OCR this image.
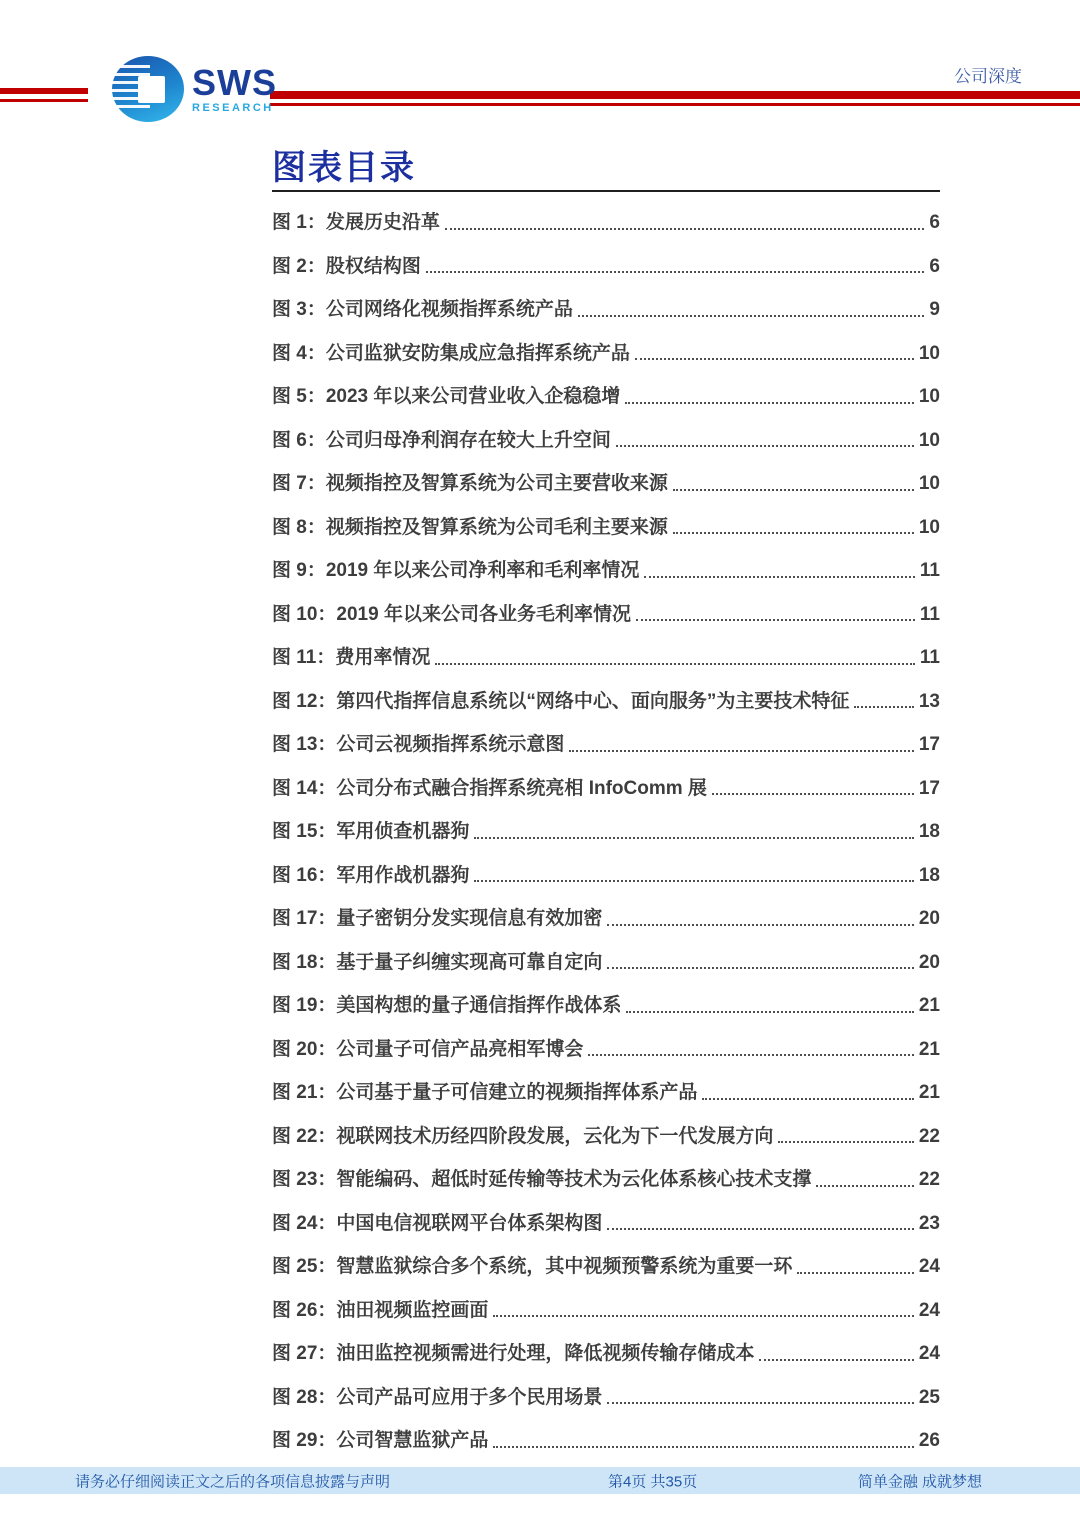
SWS
RESEARCH
公司深度
图表目录
图 1：发展历史沿革	6
图 2：股权结构图	6
图 3：公司网络化视频指挥系统产品	9
图 4：公司监狱安防集成应急指挥系统产品	10
图 5：2023 年以来公司营业收入企稳稳增	10
图 6：公司归母净利润存在较大上升空间	10
图 7：视频指控及智算系统为公司主要营收来源	10
图 8：视频指控及智算系统为公司毛利主要来源	10
图 9：2019 年以来公司净利率和毛利率情况	11
图 10：2019 年以来公司各业务毛利率情况	11
图 11：费用率情况	11
图 12：第四代指挥信息系统以“网络中心、面向服务”为主要技术特征	13
图 13：公司云视频指挥系统示意图	17
图 14：公司分布式融合指挥系统亮相 InfoComm 展	17
图 15：军用侦查机器狗	18
图 16：军用作战机器狗	18
图 17：量子密钥分发实现信息有效加密	20
图 18：基于量子纠缠实现高可靠自定向	20
图 19：美国构想的量子通信指挥作战体系	21
图 20：公司量子可信产品亮相军博会	21
图 21：公司基于量子可信建立的视频指挥体系产品	21
图 22：视联网技术历经四阶段发展，云化为下一代发展方向	22
图 23：智能编码、超低时延传输等技术为云化体系核心技术支撑	22
图 24：中国电信视联网平台体系架构图	23
图 25：智慧监狱综合多个系统，其中视频预警系统为重要一环	24
图 26：油田视频监控画面	24
图 27：油田监控视频需进行处理，降低视频传输存储成本	24
图 28：公司产品可应用于多个民用场景	25
图 29：公司智慧监狱产品	26
请务必仔细阅读正文之后的各项信息披露与声明	第4页 共35页	简单金融 成就梦想
